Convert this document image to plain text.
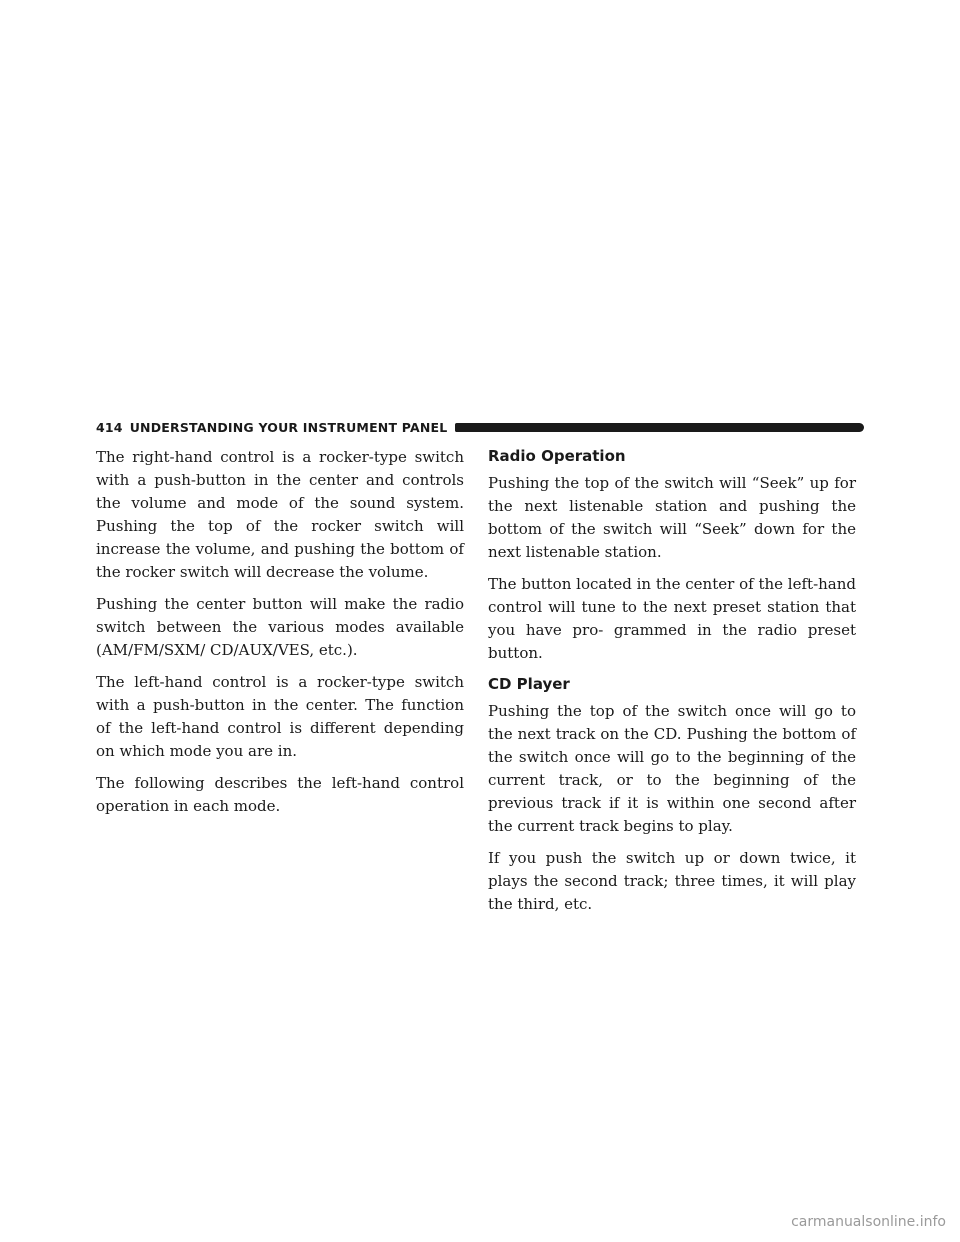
414 UNDERSTANDING YOUR INSTRUMENT PANEL

The right-hand control is a rocker-type switch with a push-button in the center and controls the volume and mode of the sound system. Pushing the top of the rocker switch will increase the volume, and pushing the bottom of the rocker switch will decrease the volume.

Pushing the center button will make the radio switch between the various modes available (AM/FM/SXM/ CD/AUX/VES, etc.).

The left-hand control is a rocker-type switch with a push-button in the center. The function of the left-hand control is different depending on which mode you are in.

The following describes the left-hand control operation in each mode.

Radio Operation

Pushing the top of the switch will “Seek” up for the next listenable station and pushing the bottom of the switch will “Seek” down for the next listenable station.

The button located in the center of the left-hand control will tune to the next preset station that you have pro- grammed in the radio preset button.

CD Player

Pushing the top of the switch once will go to the next track on the CD. Pushing the bottom of the switch once will go to the beginning of the current track, or to the beginning of the previous track if it is within one second after the current track begins to play.

If you push the switch up or down twice, it plays the second track; three times, it will play the third, etc.

carmanualsonline.info
